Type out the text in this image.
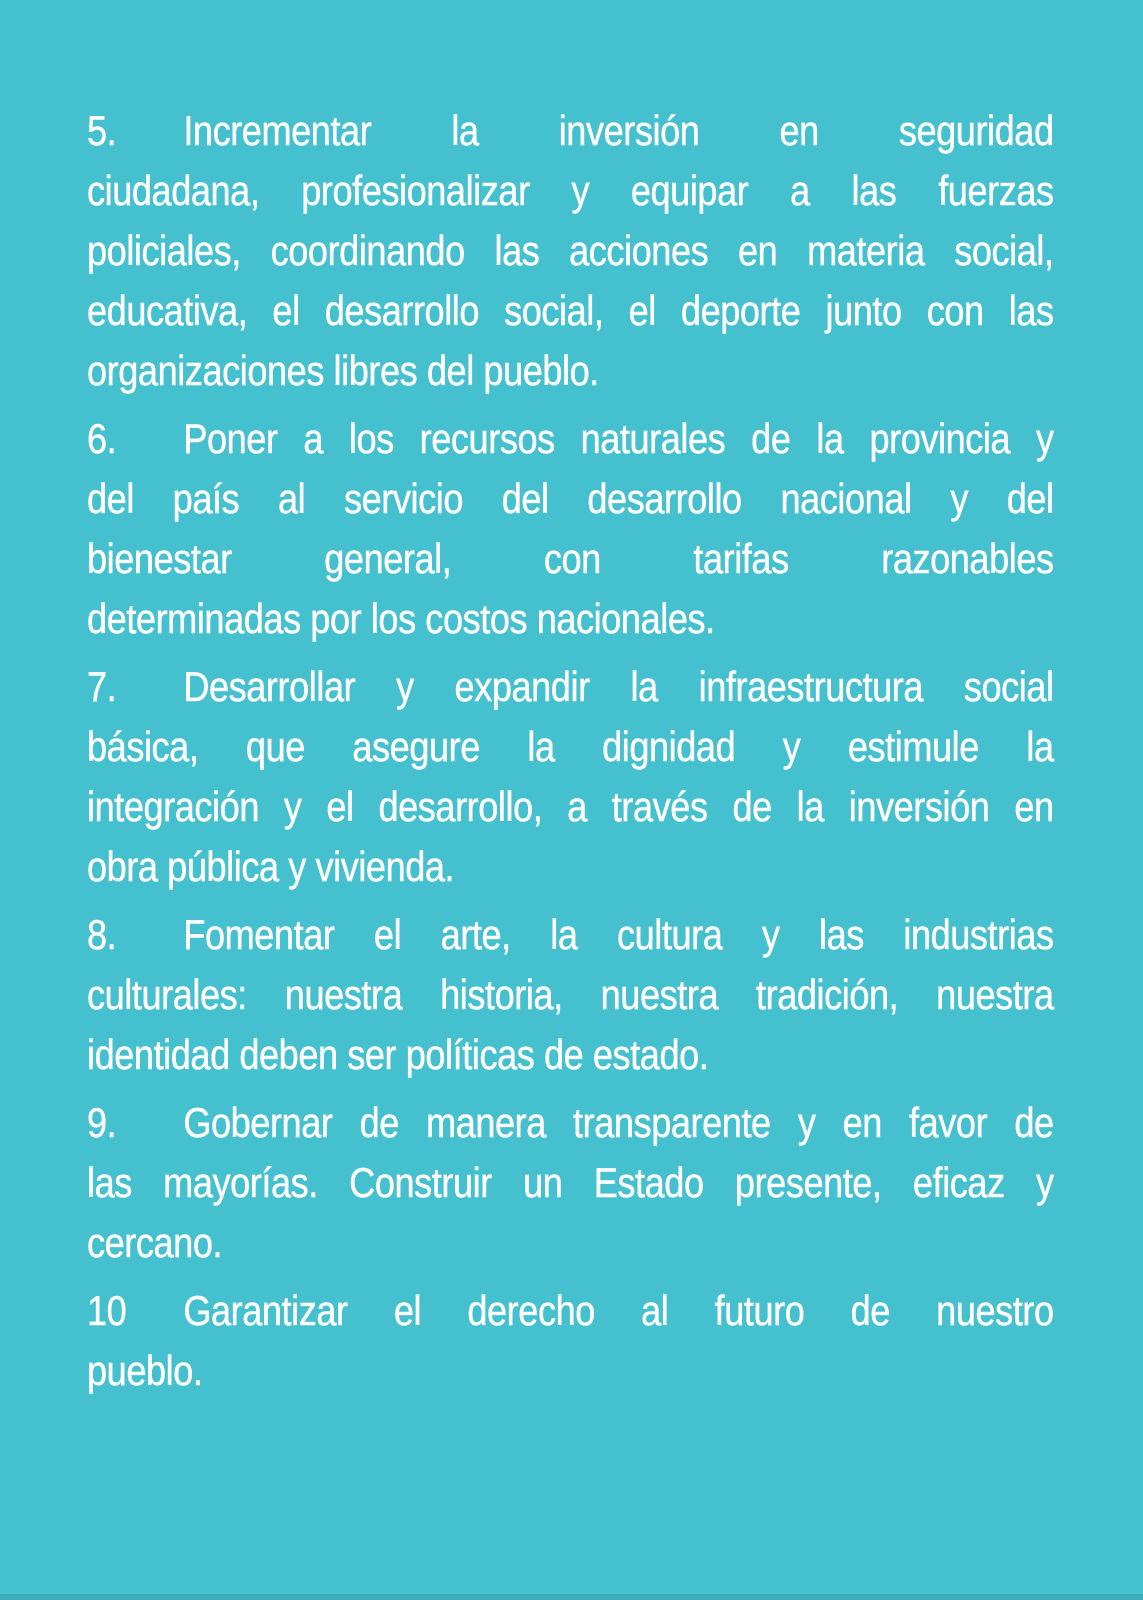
5. Incrementar la inversión en seguridad
ciudadana, profesionalizar y equipar a las fuerzas
policiales, coordinando las acciones en materia social,
educativa, el desarrollo social, el deporte junto con las
organizaciones libres del pueblo.
6. Poner a los recursos naturales de la provincia y
del país al servicio del desarrollo nacional y del
bienestar general, con tarifas razonables
determinadas por los costos nacionales.
7. Desarrollar y expandir la infraestructura social
básica, que asegure la dignidad y estimule la
integración y el desarrollo, a través de la inversión en
obra pública y vivienda.
8. Fomentar el arte, la cultura y las industrias
culturales: nuestra historia, nuestra tradición, nuestra
identidad deben ser políticas de estado.
9. Gobernar de manera transparente y en favor de
las mayorías. Construir un Estado presente, eficaz y
cercano.
10 Garantizar el derecho al futuro de nuestro
pueblo.
